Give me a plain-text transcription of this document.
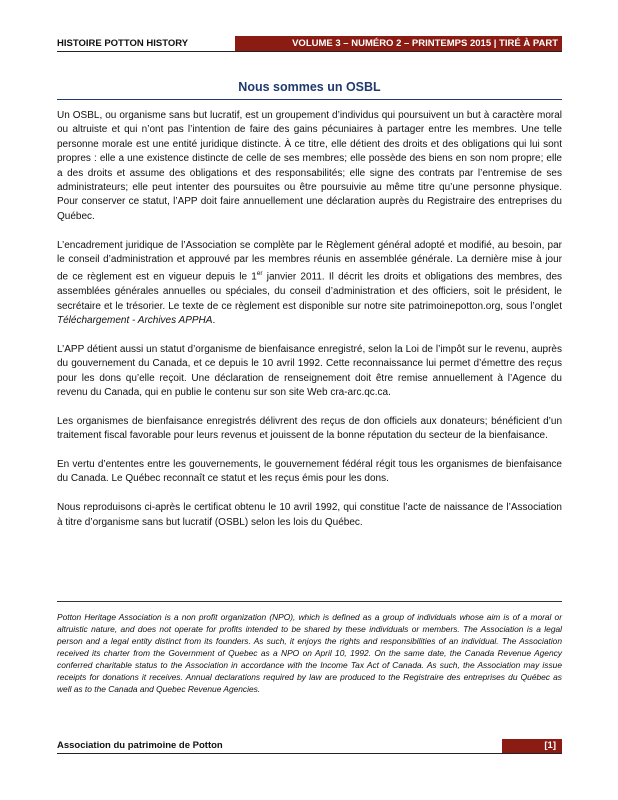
HISTOIRE POTTON HISTORY	VOLUME 3 – NUMÉRO 2 – PRINTEMPS 2015 | TIRÉ À PART
Nous sommes un OSBL

Un OSBL, ou organisme sans but lucratif, est un groupement d’individus qui poursuivent un but à caractère moral ou altruiste et qui n’ont pas l’intention de faire des gains pécuniaires à partager entre les membres. Une telle personne morale est une entité juridique distincte. À ce titre, elle détient des droits et des obligations qui lui sont propres : elle a une existence distincte de celle de ses membres; elle possède des biens en son nom propre; elle a des droits et assume des obligations et des responsabilités; elle signe des contrats par l’entremise de ses administrateurs; elle peut intenter des poursuites ou être poursuivie au même titre qu’une personne physique. Pour conserver ce statut, l’APP doit faire annuellement une déclaration auprès du Registraire des entreprises du Québec.

L’encadrement juridique de l’Association se complète par le Règlement général adopté et modifié, au besoin, par le conseil d’administration et approuvé par les membres réunis en assemblée générale. La dernière mise à jour de ce règlement est en vigueur depuis le 1er janvier 2011. Il décrit les droits et obligations des membres, des assemblées générales annuelles ou spéciales, du conseil d’administration et des officiers, soit le président, le secrétaire et le trésorier. Le texte de ce règlement est disponible sur notre site patrimoinepotton.org, sous l’onglet Téléchargement - Archives APPHA.

L’APP détient aussi un statut d’organisme de bienfaisance enregistré, selon la Loi de l’impôt sur le revenu, auprès du gouvernement du Canada, et ce depuis le 10 avril 1992. Cette reconnaissance lui permet d’émettre des reçus pour les dons qu’elle reçoit. Une déclaration de renseignement doit être remise annuellement à l’Agence du revenu du Canada, qui en publie le contenu sur son site Web cra-arc.qc.ca.

Les organismes de bienfaisance enregistrés délivrent des reçus de don officiels aux donateurs; bénéficient d’un traitement fiscal favorable pour leurs revenus et jouissent de la bonne réputation du secteur de la bienfaisance.

En vertu d’ententes entre les gouvernements, le gouvernement fédéral régit tous les organismes de bienfaisance du Canada. Le Québec reconnaît ce statut et les reçus émis pour les dons.

Nous reproduisons ci-après le certificat obtenu le 10 avril 1992, qui constitue l’acte de naissance de l’Association à titre d’organisme sans but lucratif (OSBL) selon les lois du Québec.

Potton Heritage Association is a non profit organization (NPO), which is defined as a group of individuals whose aim is of a moral or altruistic nature, and does not operate for profits intended to be shared by these individuals or members. The Association is a legal person and a legal entity distinct from its founders. As such, it enjoys the rights and responsibilities of an individual. The Association received its charter from the Government of Quebec as a NPO on April 10, 1992. On the same date, the Canada Revenue Agency conferred charitable status to the Association in accordance with the Income Tax Act of Canada. As such, the Association may issue receipts for donations it receives. Annual declarations required by law are produced to the Registraire des entreprises du Québec as well as to the Canada and Quebec Revenue Agencies.
Association du patrimoine de Potton	[1]
